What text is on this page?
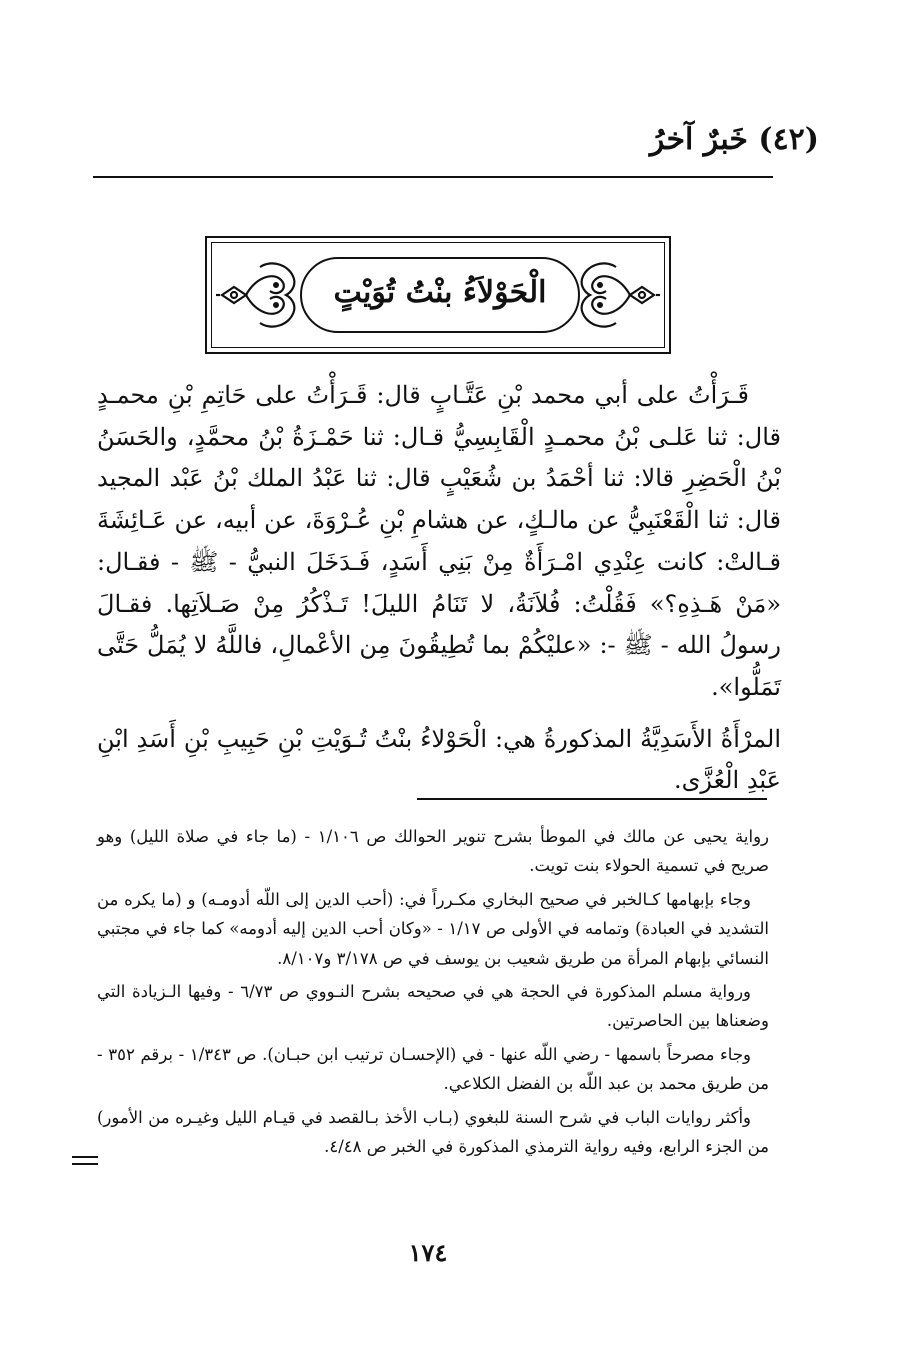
(٤٢) خَبرٌ آخرُ
الْحَوْلاَءُ بنْتُ تُوَيْتٍ

قَـرَأْتُ على أبي محمد بْنِ عَتَّـابٍ قال: قَـرَأْتُ على حَاتِمِ بْنِ محمـدٍ قال: ثنا عَلـى بْنُ محمـدٍ الْقَابِسِيُّ قـال: ثنا حَمْـزَةُ بْنُ محمَّدٍ، والحَسَنُ بْنُ الْحَضِرِ قالا: ثنا أحْمَدُ بن شُعَيْبٍ قال: ثنا عَبْدُ الملك بْنُ عَبْد المجيد قال: ثنا الْقَعْنَبِيُّ عن مالـكٍ، عن هشامِ بْنِ عُـرْوَةَ، عن أبيه، عن عَـائِشَةَ قـالتْ: كانت عِنْدِي امْـرَأَةٌ مِنْ بَنِي أَسَدٍ، فَـدَخَلَ النبيُّ - ﷺ - فقـال: «مَنْ هَـذِهِ؟» فَقُلْتُ: فُلاَنَةُ، لا تَنَامُ الليلَ! تَـذْكُرُ مِنْ صَـلاَتِها. فقـالَ رسولُ الله - ﷺ -: «عليْكُمْ بما تُطِيقُونَ مِن الأعْمالِ، فاللَّهُ لا يُمَلُّ حَتَّى تَمَلُّوا».

المرْأَةُ الأَسَدِيَّةُ المذكورةُ هي: الْحَوْلاءُ بنْتُ تُـوَيْتِ بْنِ حَبِيبِ بْنِ أَسَدِ ابْنِ عَبْدِ الْعُزَّى.

رواية يحيى عن مالك في الموطأ بشرح تنوير الحوالك ص ١/١٠٦ - (ما جاء في صلاة الليل) وهو صريح في تسمية الحولاء بنت تويت.

وجاء بإبهامها كـالخبر في صحيح البخاري مكـرراً في: (أحب الدين إلى اللّه أدومـه) و (ما يكره من التشديد في العبادة) وتمامه في الأولى ص ١/١٧ - «وكان أحب الدين إليه أدومه» كما جاء في مجتبي النسائي بإبهام المرأة من طريق شعيب بن يوسف في ص ٣/١٧٨ و٨/١٠٧.

ورواية مسلم المذكورة في الحجة هي في صحيحه بشرح النـووي ص ٦/٧٣ - وفيها الـزيادة التي وضعناها بين الحاصرتين.

وجاء مصرحاً باسمها - رضي اللّه عنها - في (الإحسـان ترتيب ابن حبـان). ص ١/٣٤٣ - برقم ٣٥٢ - من طريق محمد بن عبد اللّه بن الفضل الكلاعي.

وأكثر روايات الباب في شرح السنة للبغوي (بـاب الأخذ بـالقصد في قيـام الليل وغيـره من الأمور) من الجزء الرابع، وفيه رواية الترمذي المذكورة في الخبر ص ٤/٤٨.

١٧٤
